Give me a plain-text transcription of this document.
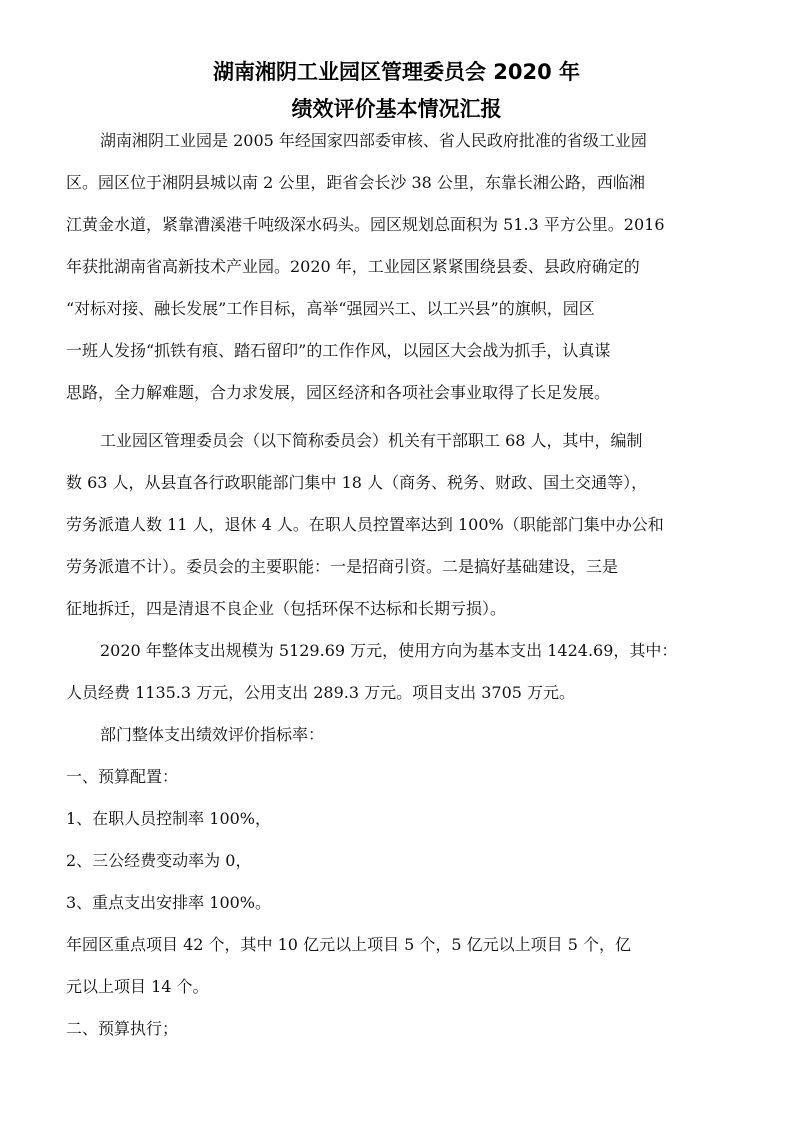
湖南湘阴工业园区管理委员会 2020 年
绩效评价基本情况汇报
湖南湘阴工业园是 2005 年经国家四部委审核、省人民政府批准的省级工业园
区。园区位于湘阴县城以南 2 公里，距省会长沙 38 公里，东靠长湘公路，西临湘
江黄金水道，紧靠漕溪港千吨级深水码头。园区规划总面积为 51.3 平方公里。2016
年获批湖南省高新技术产业园。2020 年，工业园区紧紧围绕县委、县政府确定的
“对标对接、融长发展”工作目标，高举“强园兴工、以工兴县”的旗帜，园区
一班人发扬“抓铁有痕、踏石留印”的工作作风，以园区大会战为抓手，认真谋
思路，全力解难题，合力求发展，园区经济和各项社会事业取得了长足发展。
工业园区管理委员会（以下简称委员会）机关有干部职工 68 人，其中，编制
数 63 人，从县直各行政职能部门集中 18 人（商务、税务、财政、国土交通等），
劳务派遣人数 11 人，退休 4 人。在职人员控置率达到 100%（职能部门集中办公和
劳务派遣不计）。委员会的主要职能：一是招商引资。二是搞好基础建设，三是
征地拆迁，四是清退不良企业（包括环保不达标和长期亏损）。
2020 年整体支出规模为 5129.69 万元，使用方向为基本支出 1424.69，其中：
人员经费 1135.3 万元，公用支出 289.3 万元。项目支出 3705 万元。
部门整体支出绩效评价指标率：
一、预算配置：
1、在职人员控制率 100%，
2、三公经费变动率为 0，
3、重点支出安排率 100%。
年园区重点项目 42 个，其中 10 亿元以上项目 5 个，5 亿元以上项目 5 个，亿
元以上项目 14 个。
二、预算执行；
